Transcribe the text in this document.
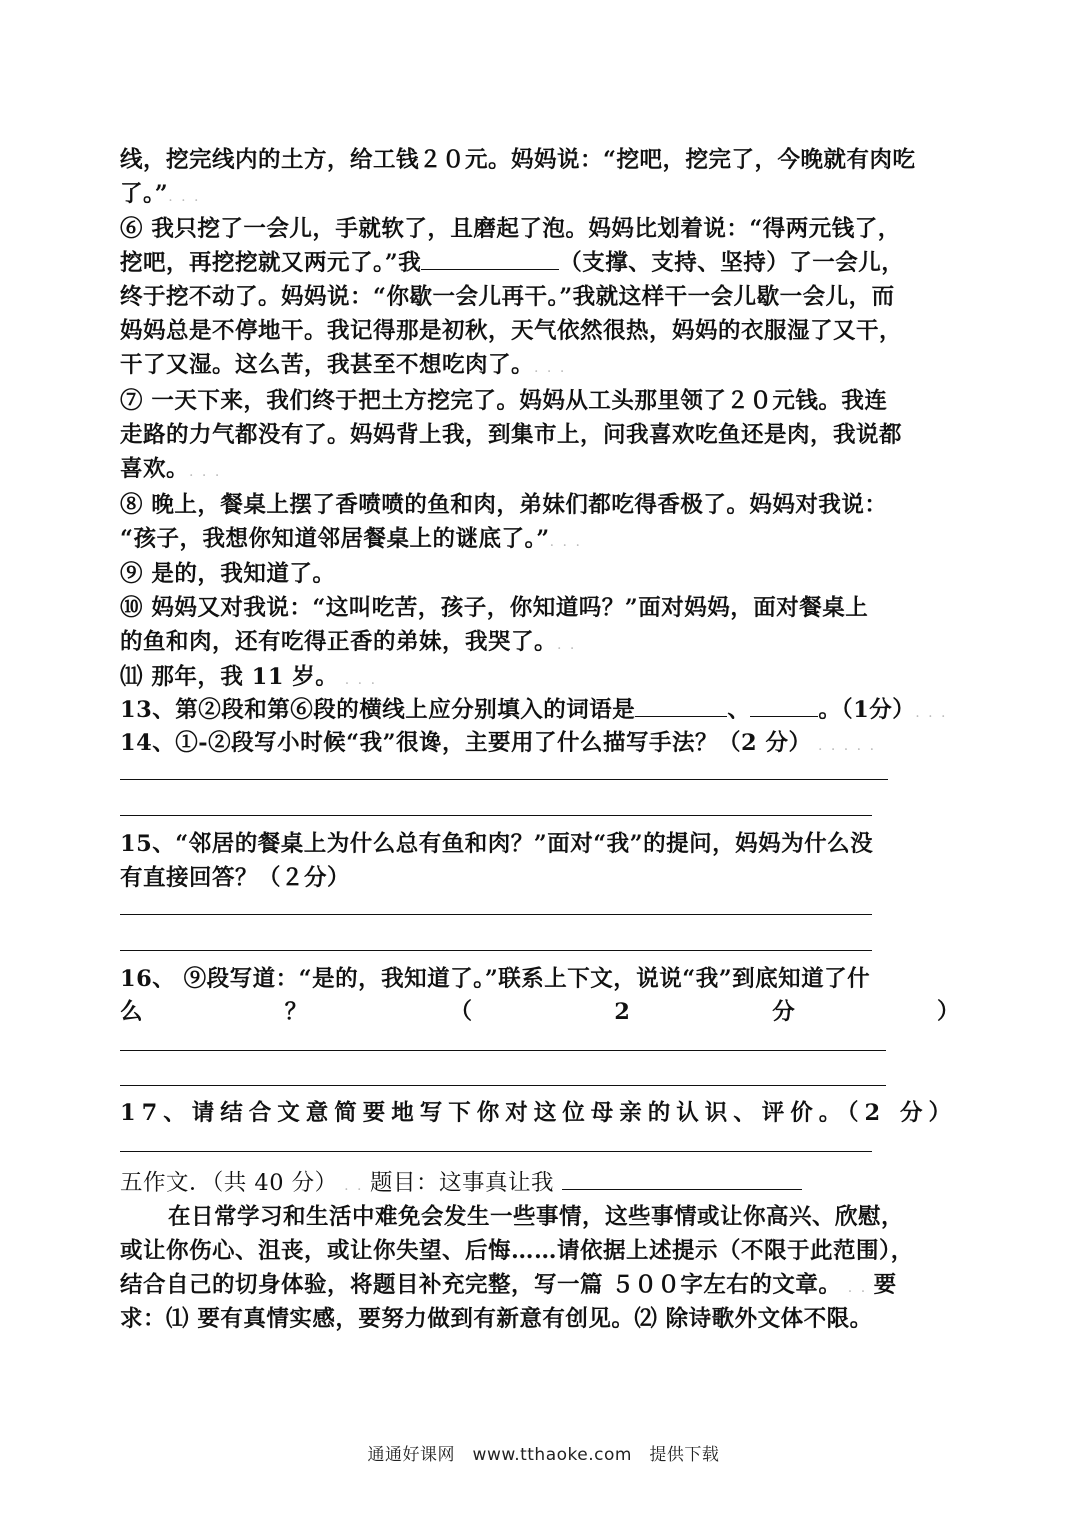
线，挖完线内的土方，给工钱２０元。妈妈说：“挖吧，挖完了，今晚就有肉吃
了。”. . .
⑥ 我只挖了一会儿，手就软了，且磨起了泡。妈妈比划着说：“得两元钱了，
挖吧，再挖挖就又两元了。”我	（支撑、支持、坚持）了一会儿，
终于挖不动了。妈妈说：“你歇一会儿再干。”我就这样干一会儿歇一会儿，而
妈妈总是不停地干。我记得那是初秋，天气依然很热，妈妈的衣服湿了又干，
干了又湿。这么苦，我甚至不想吃肉了。. . .
⑦ 一天下来，我们终于把土方挖完了。妈妈从工头那里领了２０元钱。我连
走路的力气都没有了。妈妈背上我，到集市上，问我喜欢吃鱼还是肉，我说都
喜欢。. . .
⑧ 晚上，餐桌上摆了香喷喷的鱼和肉，弟妹们都吃得香极了。妈妈对我说：
“孩子，我想你知道邻居餐桌上的谜底了。”. . .
⑨ 是的，我知道了。
⑩ 妈妈又对我说：“这叫吃苦，孩子，你知道吗？”面对妈妈，面对餐桌上
的鱼和肉，还有吃得正香的弟妹，我哭了。. .
⑾ 那年，我 11 岁。 . . .
13、第②段和第⑥段的横线上应分别填入的词语是	、	。（1分）. . .
14、①-②段写小时候“我”很谗，主要用了什么描写手法？（2 分） . . . . .
15、“邻居的餐桌上为什么总有鱼和肉？”面对“我”的提问，妈妈为什么没
有直接回答？（２分）
16、 ⑨段写道：“是的，我知道了。”联系上下文，说说“我”到底知道了什
么	？	（	2	分	）
17、请结合文意简要地写下你对这位母亲的认识、评价。（2 分）
五作文．（共 40 分） . . 题目：这事真让我
在日常学习和生活中难免会发生一些事情，这些事情或让你高兴、欣慰，
或让你伤心、沮丧，或让你失望、后悔……请依据上述提示（不限于此范围），
结合自己的切身体验，将题目补充完整，写一篇 ５００字左右的文章。 . . 要
求：⑴ 要有真情实感，要努力做到有新意有创见。⑵ 除诗歌外文体不限。
通通好课网　www.tthaoke.com　提供下载
